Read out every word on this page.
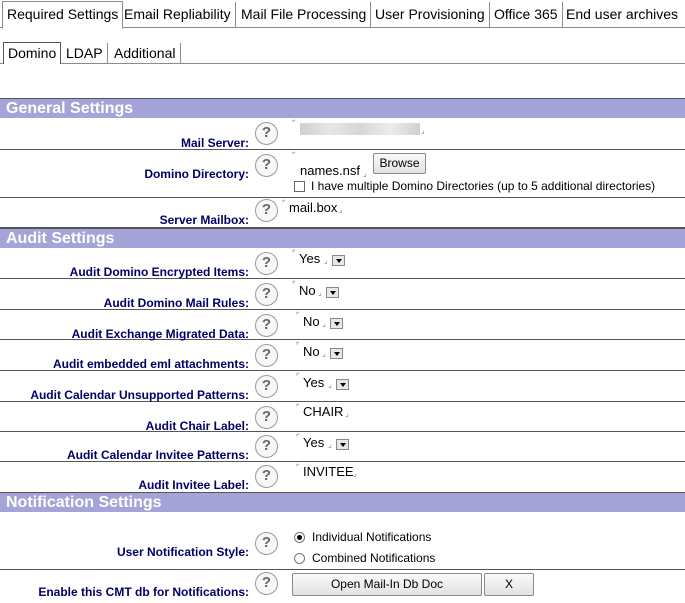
Required Settings Email Repliability Mail File Processing User Provisioning Office 365 End user archives
Domino LDAP Additional
General Settings
Mail Server:
?
⌜
⌟
Domino Directory:
?
⌜
names.nsf ⌟
Browse
I have multiple Domino Directories (up to 5 additional directories)
Server Mailbox:
?	⌜ mail.box ⌟
Audit Settings
Audit Domino Encrypted Items:
?
⌜ Yes ⌟
Audit Domino Mail Rules:
?
⌜ No ⌟
Audit Exchange Migrated Data:
?
⌜ No ⌟
Audit embedded eml attachments:
?
⌜ No ⌟
Audit Calendar Unsupported Patterns:
?
⌜ Yes ⌟
Audit Chair Label:
?
⌜ CHAIR ⌟
Audit Calendar Invitee Patterns:
?	⌜ Yes ⌟
Audit Invitee Label:
?	⌜ INVITEE ⌟
Notification Settings
User Notification Style:
?	Individual Notifications
Combined Notifications
Enable this CMT db for Notifications:
?	Open Mail-In Db Doc	X
